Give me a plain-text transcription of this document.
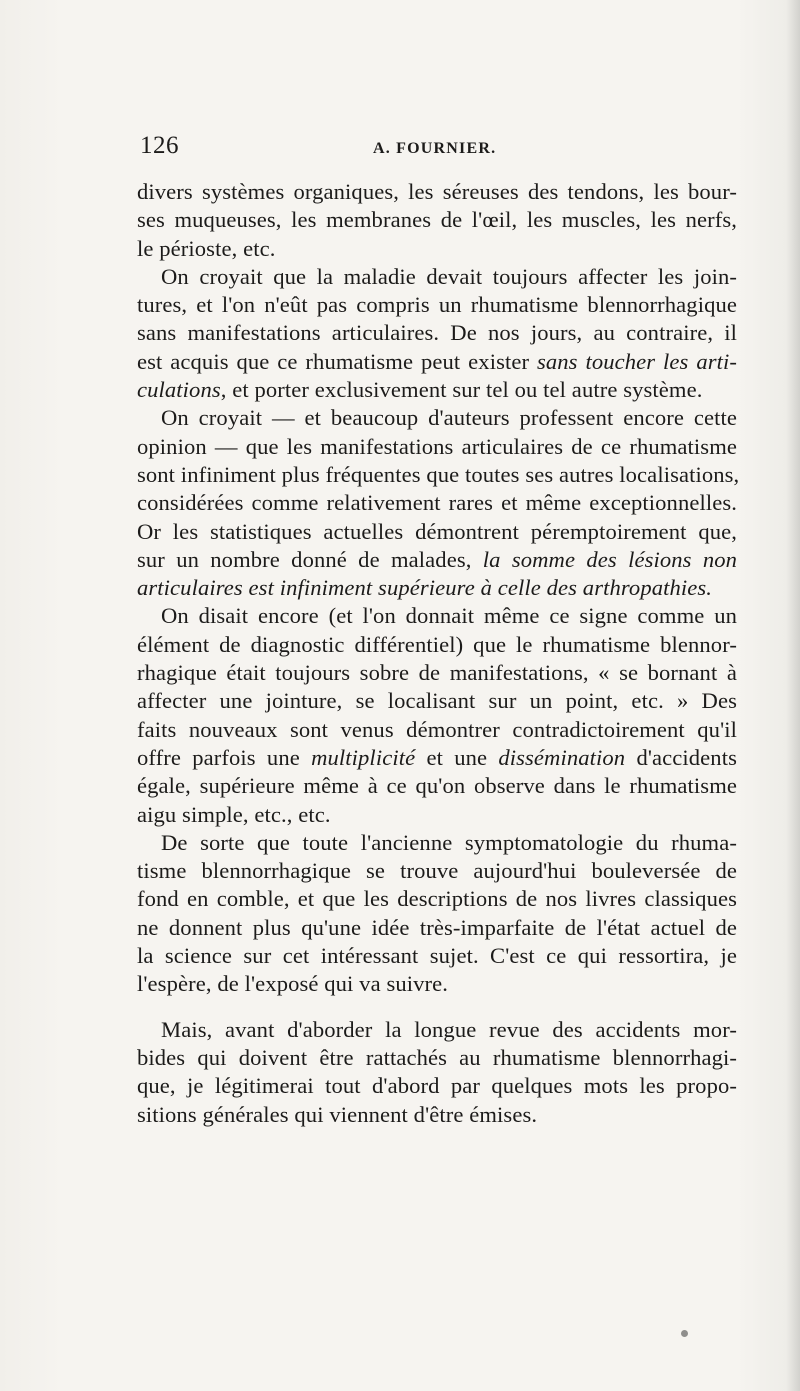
126	A. FOURNIER.
divers systèmes organiques, les séreuses des tendons, les bour-
ses muqueuses, les membranes de l'œil, les muscles, les nerfs,
le périoste, etc.
On croyait que la maladie devait toujours affecter les join-
tures, et l'on n'eût pas compris un rhumatisme blennorrhagique
sans manifestations articulaires. De nos jours, au contraire, il
est acquis que ce rhumatisme peut exister sans toucher les arti-
culations, et porter exclusivement sur tel ou tel autre système.
On croyait — et beaucoup d'auteurs professent encore cette
opinion — que les manifestations articulaires de ce rhumatisme
sont infiniment plus fréquentes que toutes ses autres localisations,
considérées comme relativement rares et même exceptionnelles.
Or les statistiques actuelles démontrent péremptoirement que,
sur un nombre donné de malades, la somme des lésions non
articulaires est infiniment supérieure à celle des arthropathies.
On disait encore (et l'on donnait même ce signe comme un
élément de diagnostic différentiel) que le rhumatisme blennor-
rhagique était toujours sobre de manifestations, « se bornant à
affecter une jointure, se localisant sur un point, etc. » Des
faits nouveaux sont venus démontrer contradictoirement qu'il
offre parfois une multiplicité et une dissémination d'accidents
égale, supérieure même à ce qu'on observe dans le rhumatisme
aigu simple, etc., etc.
De sorte que toute l'ancienne symptomatologie du rhuma-
tisme blennorrhagique se trouve aujourd'hui bouleversée de
fond en comble, et que les descriptions de nos livres classiques
ne donnent plus qu'une idée très-imparfaite de l'état actuel de
la science sur cet intéressant sujet. C'est ce qui ressortira, je
l'espère, de l'exposé qui va suivre.
Mais, avant d'aborder la longue revue des accidents mor-
bides qui doivent être rattachés au rhumatisme blennorrhagi-
que, je légitimerai tout d'abord par quelques mots les propo-
sitions générales qui viennent d'être émises.
